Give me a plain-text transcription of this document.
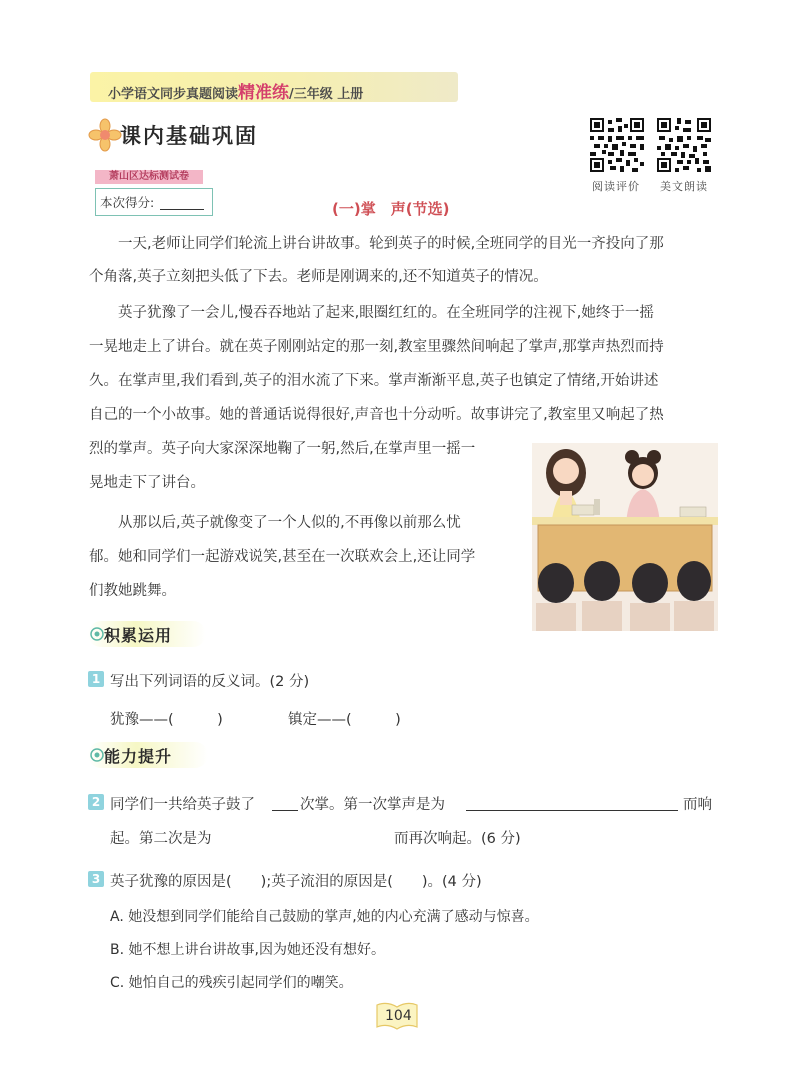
小学语文同步真题阅读精准练/三年级 上册
课内基础巩固
阅读评价 美文朗读
萧山区达标测试卷
本次得分:	(一)掌　声(节选)
一天,老师让同学们轮流上讲台讲故事。轮到英子的时候,全班同学的目光一齐投向了那
个角落,英子立刻把头低了下去。老师是刚调来的,还不知道英子的情况。
英子犹豫了一会儿,慢吞吞地站了起来,眼圈红红的。在全班同学的注视下,她终于一摇
一晃地走上了讲台。就在英子刚刚站定的那一刻,教室里骤然间响起了掌声,那掌声热烈而持
久。在掌声里,我们看到,英子的泪水流了下来。掌声渐渐平息,英子也镇定了情绪,开始讲述
自己的一个小故事。她的普通话说得很好,声音也十分动听。故事讲完了,教室里又响起了热
烈的掌声。英子向大家深深地鞠了一躬,然后,在掌声里一摇一
晃地走下了讲台。
从那以后,英子就像变了一个人似的,不再像以前那么忧
郁。她和同学们一起游戏说笑,甚至在一次联欢会上,还让同学
们教她跳舞。
积累运用
1 写出下列词语的反义词。(2 分)
犹豫——(　　　)	镇定——(　　　)
能力提升
2 同学们一共给英子鼓了	次掌。第一次掌声是为	而响
起。第二次是为	而再次响起。(6 分)
3 英子犹豫的原因是(　　);英子流泪的原因是(　　)。(4 分)
A. 她没想到同学们能给自己鼓励的掌声,她的内心充满了感动与惊喜。
B. 她不想上讲台讲故事,因为她还没有想好。
C. 她怕自己的残疾引起同学们的嘲笑。
104
